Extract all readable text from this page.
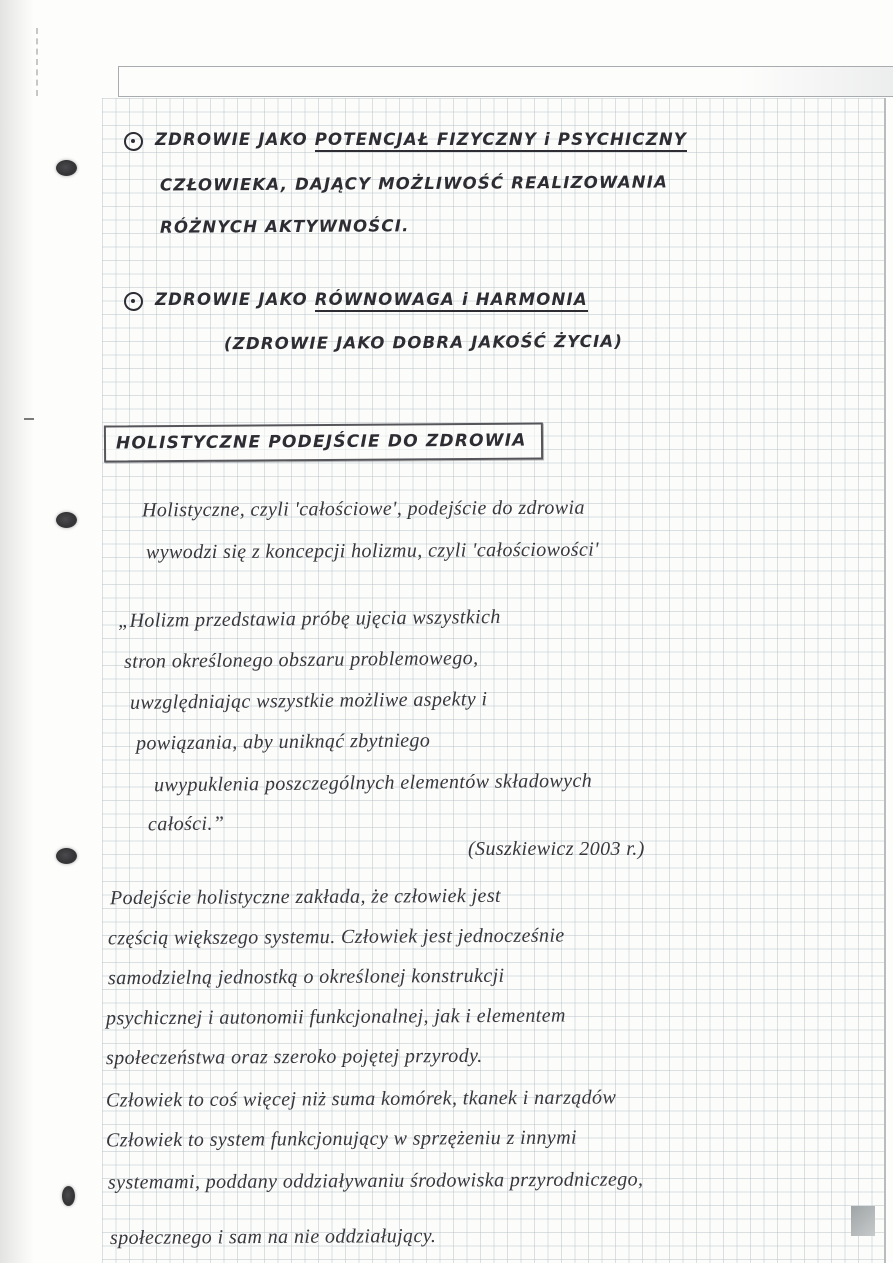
ZDROWIE JAKO POTENCJAŁ FIZYCZNY i PSYCHICZNY
CZŁOWIEKA, DAJĄCY MOŻLIWOŚĆ REALIZOWANIA
RÓŻNYCH AKTYWNOŚCI.
ZDROWIE JAKO RÓWNOWAGA i HARMONIA
(ZDROWIE JAKO DOBRA JAKOŚĆ ŻYCIA)
HOLISTYCZNE PODEJŚCIE DO ZDROWIA
Holistyczne, czyli 'całościowe', podejście do zdrowia
wywodzi się z koncepcji holizmu, czyli 'całościowości'
„Holizm przedstawia próbę ujęcia wszystkich
stron określonego obszaru problemowego,
uwzględniając wszystkie możliwe aspekty i
powiązania, aby uniknąć zbytniego
uwypuklenia poszczególnych elementów składowych
całości.”
(Suszkiewicz 2003 r.)
Podejście holistyczne zakłada, że człowiek jest
częścią większego systemu. Człowiek jest jednocześnie
samodzielną jednostką o określonej konstrukcji
psychicznej i autonomii funkcjonalnej, jak i elementem
społeczeństwa oraz szeroko pojętej przyrody.
Człowiek to coś więcej niż suma komórek, tkanek i narządów
Człowiek to system funkcjonujący w sprzężeniu z innymi
systemami, poddany oddziaływaniu środowiska przyrodniczego,
społecznego i sam na nie oddziałujący.
